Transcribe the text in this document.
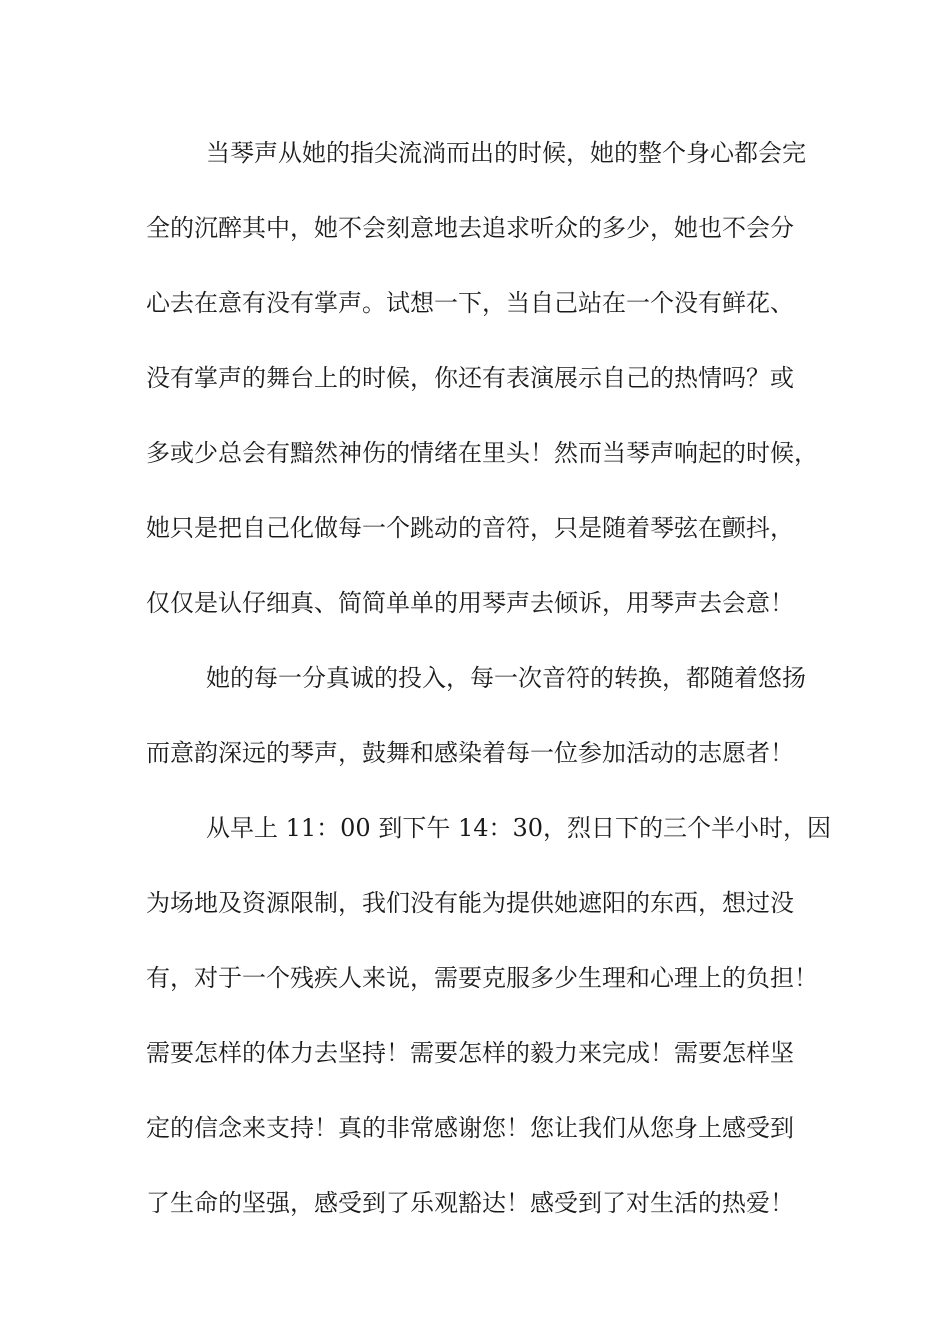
当琴声从她的指尖流淌而出的时候，她的整个身心都会完
全的沉醉其中，她不会刻意地去追求听众的多少，她也不会分
心去在意有没有掌声。试想一下，当自己站在一个没有鲜花、
没有掌声的舞台上的时候，你还有表演展示自己的热情吗？或
多或少总会有黯然神伤的情绪在里头！然而当琴声响起的时候，
她只是把自己化做每一个跳动的音符，只是随着琴弦在颤抖，
仅仅是认仔细真、简简单单的用琴声去倾诉，用琴声去会意！
她的每一分真诚的投入，每一次音符的转换，都随着悠扬
而意韵深远的琴声，鼓舞和感染着每一位参加活动的志愿者！
从早上 11：00 到下午 14：30，烈日下的三个半小时，因
为场地及资源限制，我们没有能为提供她遮阳的东西，想过没
有，对于一个残疾人来说，需要克服多少生理和心理上的负担！
需要怎样的体力去坚持！需要怎样的毅力来完成！需要怎样坚
定的信念来支持！真的非常感谢您！您让我们从您身上感受到
了生命的坚强，感受到了乐观豁达！感受到了对生活的热爱！
